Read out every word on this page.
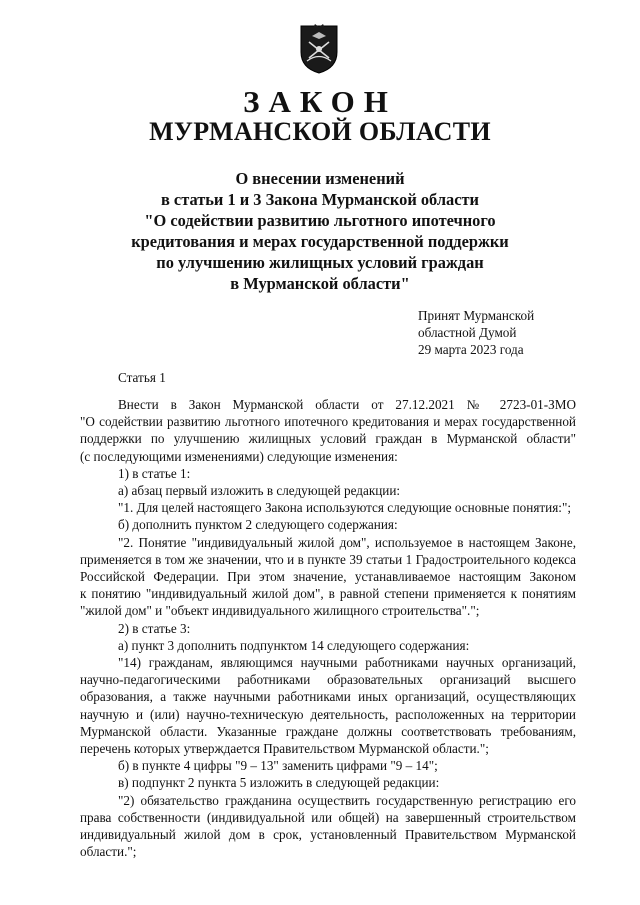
ЗАКОН
МУРМАНСКОЙ ОБЛАСТИ
О внесении изменений
в статьи 1 и 3 Закона Мурманской области
"О содействии развитию льготного ипотечного
кредитования и мерах государственной поддержки
по улучшению жилищных условий граждан
в Мурманской области"
Принят Мурманской
областной Думой
29 марта 2023 года
Статья 1

Внести в Закон Мурманской области от 27.12.2021 № 2723-01-ЗМО

"О содействии развитию льготного ипотечного кредитования и мерах государственной

поддержки по улучшению жилищных условий граждан в Мурманской области"

(с последующими изменениями) следующие изменения:

1) в статье 1:

а) абзац первый изложить в следующей редакции:

"1. Для целей настоящего Закона используются следующие основные понятия:";

б) дополнить пунктом 2 следующего содержания:

"2. Понятие "индивидуальный жилой дом", используемое в настоящем Законе,

применяется в том же значении, что и в пункте 39 статьи 1 Градостроительного кодекса

Российской Федерации. При этом значение, устанавливаемое настоящим Законом

к понятию "индивидуальный жилой дом", в равной степени применяется к понятиям

"жилой дом" и "объект индивидуального жилищного строительства".";

2) в статье 3:

а) пункт 3 дополнить подпунктом 14 следующего содержания:

"14) гражданам, являющимся научными работниками научных организаций,

научно-педагогическими работниками образовательных организаций высшего

образования, а также научными работниками иных организаций, осуществляющих

научную и (или) научно-техническую деятельность, расположенных на территории

Мурманской области. Указанные граждане должны соответствовать требованиям,

перечень которых утверждается Правительством Мурманской области.";

б) в пункте 4 цифры "9 – 13" заменить цифрами "9 – 14";

в) подпункт 2 пункта 5 изложить в следующей редакции:

"2) обязательство гражданина осуществить государственную регистрацию его

права собственности (индивидуальной или общей) на завершенный строительством

индивидуальный жилой дом в срок, установленный Правительством Мурманской

области.";
